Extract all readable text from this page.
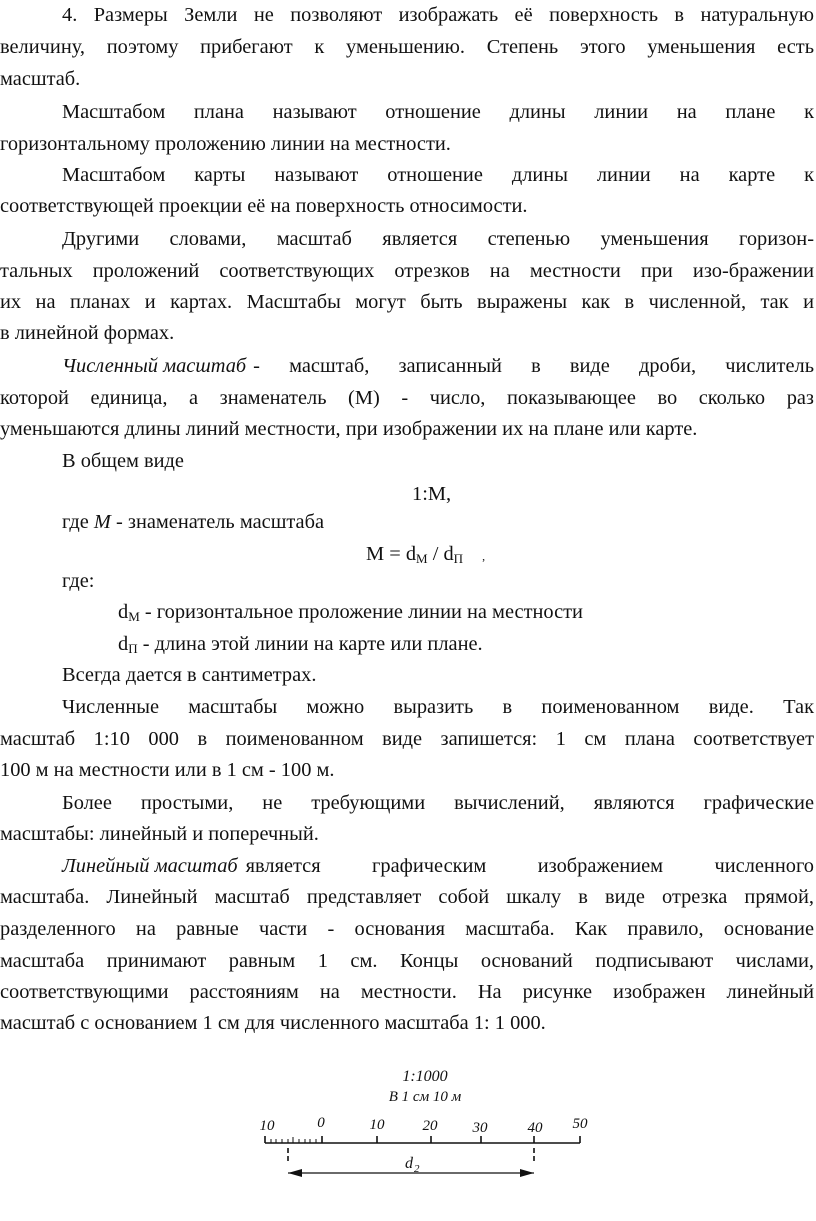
4. Размеры Земли не позволяют изображать её поверхность в натуральную
величину, поэтому прибегают к уменьшению. Степень этого уменьшения есть
масштаб.
Масштабом плана называют отношение длины линии на плане к
горизонтальному проложению линии на местности.
Масштабом карты называют отношение длины линии на карте к
соответствующей проекции её на поверхность относимости.
Другими словами, масштаб является степенью уменьшения горизон-
тальных проложений соответствующих отрезков на местности при изо-бражении
их на планах и картах. Масштабы могут быть выражены как в численной, так и
в линейной формах.
Численный масштаб - масштаб, записанный в виде дроби, числитель
которой единица, а знаменатель (М) - число, показывающее во сколько раз
уменьшаются длины линий местности, при изображении их на плане или карте.
В общем виде
1:М,
где М - знаменатель масштаба
$М = d_М / d_П$ ,
где:
$d_М$ - горизонтальное проложение линии на местности
$d_П$ - длина этой линии на карте или плане.
Всегда дается в сантиметрах.
Численные масштабы можно выразить в поименованном виде. Так
масштаб 1:10 000 в поименованном виде запишется: 1 см плана соответствует
100 м на местности или в 1 см - 100 м.
Более простыми, не требующими вычислений, являются графические
масштабы: линейный и поперечный.
Линейный масштаб является графическим изображением численного
масштаба. Линейный масштаб представляет собой шкалу в виде отрезка прямой,
разделенного на равные части - основания масштаба. Как правило, основание
масштаба принимают равным 1 см. Концы оснований подписывают числами,
соответствующими расстояниям на местности. На рисунке изображен линейный
масштаб с основанием 1 см для численного масштаба 1: 1 000.
1:1000
В 1 см 10 м
10	0	10	20 30	40 50
d 2
